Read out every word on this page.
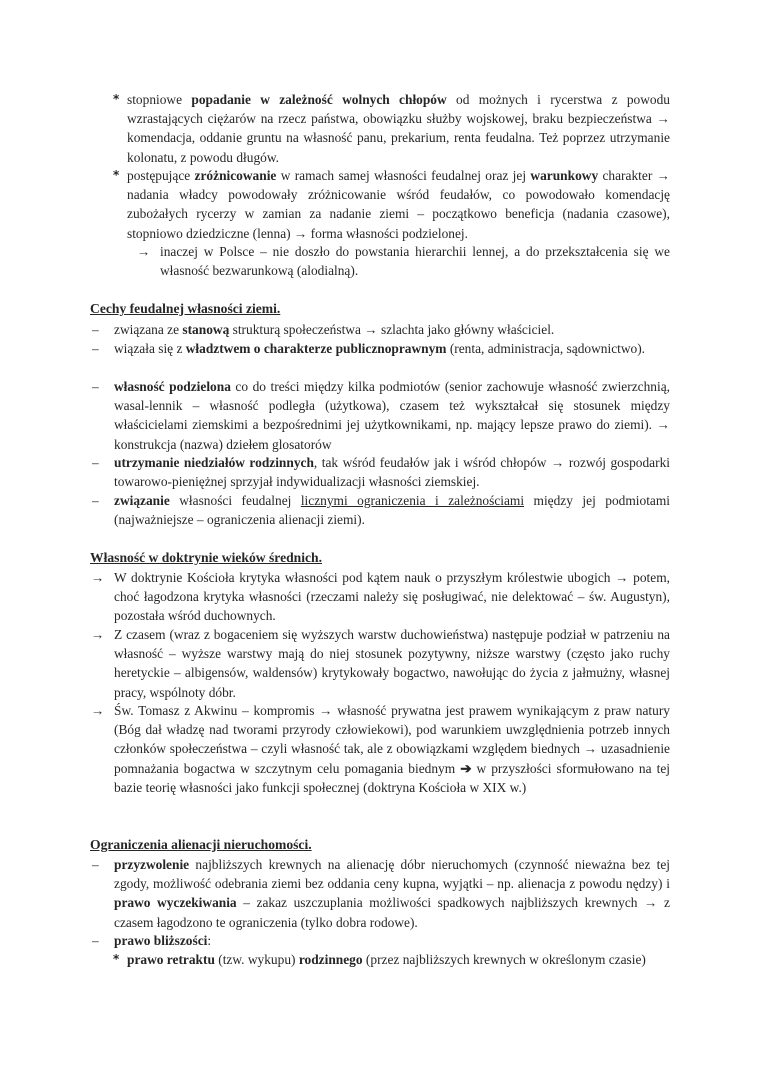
* stopniowe popadanie w zależność wolnych chłopów od możnych i rycerstwa z powodu wzrastających ciężarów na rzecz państwa, obowiązku służby wojskowej, braku bezpieczeństwa → komendacja, oddanie gruntu na własność panu, prekarium, renta feudalna. Też poprzez utrzymanie kolonatu, z powodu długów.

* postępujące zróżnicowanie w ramach samej własności feudalnej oraz jej warunkowy charakter → nadania władcy powodowały zróżnicowanie wśród feudałów, co powodowało komendację zubożałych rycerzy w zamian za nadanie ziemi – początkowo beneficja (nadania czasowe), stopniowo dziedziczne (lenna) → forma własności podzielonej.

→ inaczej w Polsce – nie doszło do powstania hierarchii lennej, a do przekształcenia się we własność bezwarunkową (alodialną).

Cechy feudalnej własności ziemi.
– związana ze stanową strukturą społeczeństwa → szlachta jako główny właściciel.

– wiązała się z władztwem o charakterze publicznoprawnym (renta, administracja, sądownictwo).

– własność podzielona co do treści między kilka podmiotów (senior zachowuje własność zwierzchnią, wasal-lennik – własność podległa (użytkowa), czasem też wykształcał się stosunek między właścicielami ziemskimi a bezpośrednimi jej użytkownikami, np. mający lepsze prawo do ziemi). → konstrukcja (nazwa) dziełem glosatorów

– utrzymanie niedziałów rodzinnych, tak wśród feudałów jak i wśród chłopów → rozwój gospodarki towarowo-pieniężnej sprzyjał indywidualizacji własności ziemskiej.

– związanie własności feudalnej licznymi ograniczenia i zależnościami między jej podmiotami (najważniejsze – ograniczenia alienacji ziemi).

Własność w doktrynie wieków średnich.
→ W doktrynie Kościoła krytyka własności pod kątem nauk o przyszłym królestwie ubogich → potem, choć łagodzona krytyka własności (rzeczami należy się posługiwać, nie delektować – św. Augustyn), pozostała wśród duchownych.

→ Z czasem (wraz z bogaceniem się wyższych warstw duchowieństwa) następuje podział w patrzeniu na własność – wyższe warstwy mają do niej stosunek pozytywny, niższe warstwy (często jako ruchy heretyckie – albigensów, waldensów) krytykowały bogactwo, nawołując do życia z jałmużny, własnej pracy, wspólnoty dóbr.

→ Św. Tomasz z Akwinu – kompromis → własność prywatna jest prawem wynikającym z praw natury (Bóg dał władzę nad tworami przyrody człowiekowi), pod warunkiem uwzględnienia potrzeb innych członków społeczeństwa – czyli własność tak, ale z obowiązkami względem biednych → uzasadnienie pomnażania bogactwa w szczytnym celu pomagania biednym ➔ w przyszłości sformułowano na tej bazie teorię własności jako funkcji społecznej (doktryna Kościoła w XIX w.)

Ograniczenia alienacji nieruchomości.
– przyzwolenie najbliższych krewnych na alienację dóbr nieruchomych (czynność nieważna bez tej zgody, możliwość odebrania ziemi bez oddania ceny kupna, wyjątki – np. alienacja z powodu nędzy) i prawo wyczekiwania – zakaz uszczuplania możliwości spadkowych najbliższych krewnych → z czasem łagodzono te ograniczenia (tylko dobra rodowe).

– prawo bliższości:

* prawo retraktu (tzw. wykupu) rodzinnego (przez najbliższych krewnych w określonym czasie)
